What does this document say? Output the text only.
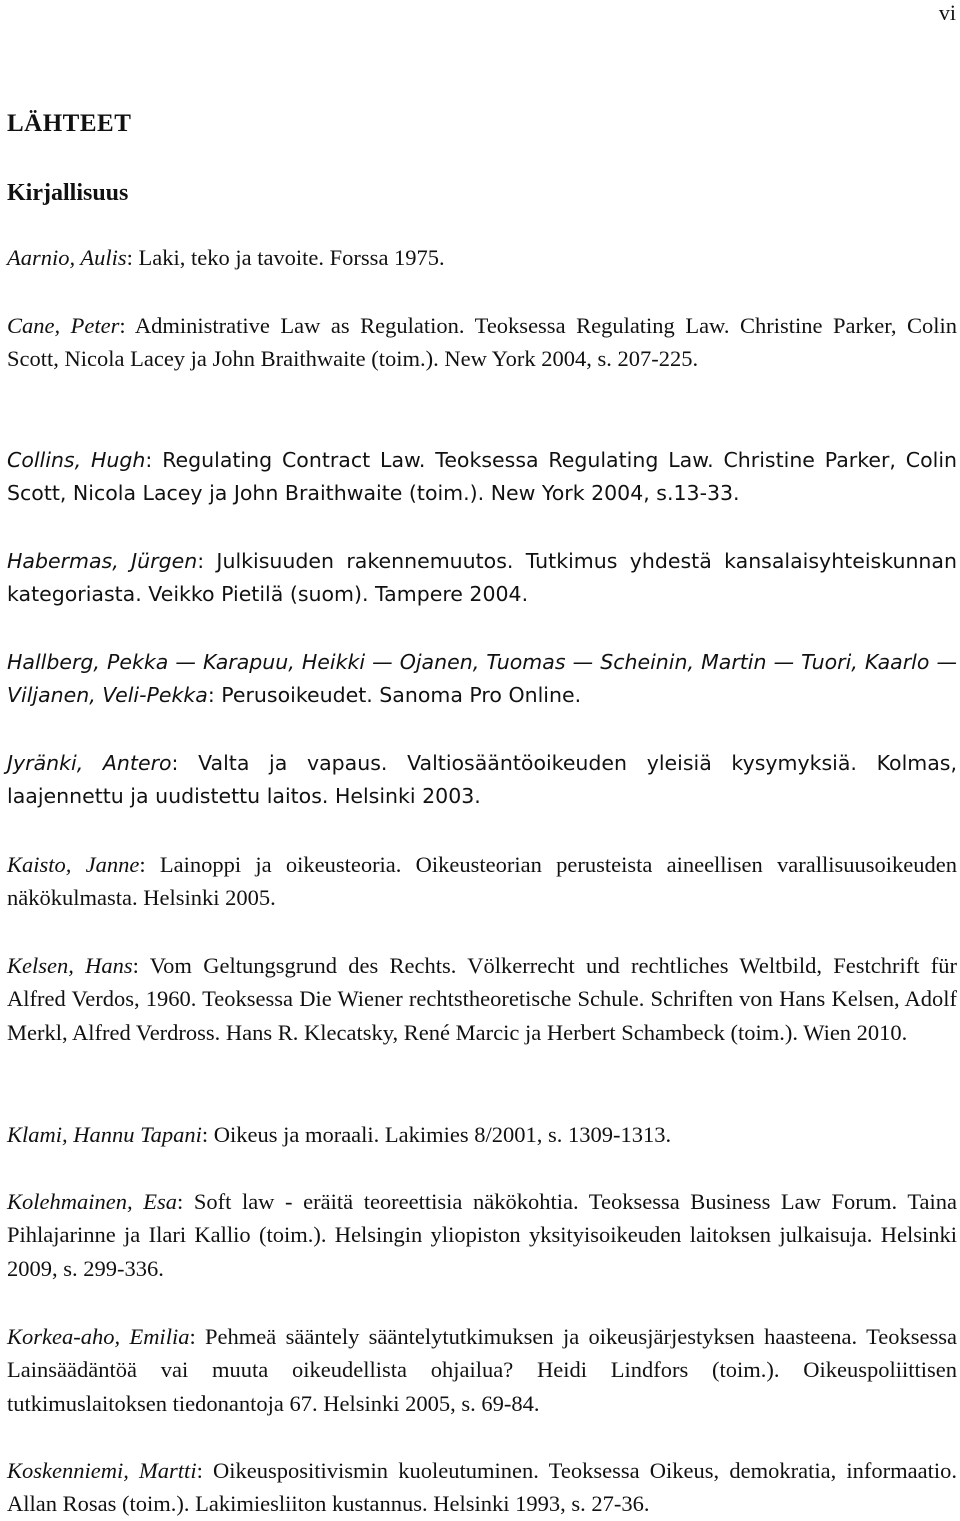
vi
LÄHTEET
Kirjallisuus

Aarnio, Aulis: Laki, teko ja tavoite. Forssa 1975.

Cane, Peter: Administrative Law as Regulation. Teoksessa Regulating Law. Christine Parker, Colin Scott, Nicola Lacey ja John Braithwaite (toim.). New York 2004, s. 207-225.

Collins, Hugh: Regulating Contract Law. Teoksessa Regulating Law. Christine Parker, Colin Scott, Nicola Lacey ja John Braithwaite (toim.). New York 2004, s.13-33.

Habermas, Jürgen: Julkisuuden rakennemuutos. Tutkimus yhdestä kansalaisyhteiskunnan kategoriasta. Veikko Pietilä (suom). Tampere 2004.

Hallberg, Pekka — Karapuu, Heikki — Ojanen, Tuomas — Scheinin, Martin — Tuori, Kaarlo — Viljanen, Veli-Pekka: Perusoikeudet. Sanoma Pro Online.

Jyränki, Antero: Valta ja vapaus. Valtiosääntöoikeuden yleisiä kysymyksiä. Kolmas, laajennettu ja uudistettu laitos. Helsinki 2003.

Kaisto, Janne: Lainoppi ja oikeusteoria. Oikeusteorian perusteista aineellisen varallisuusoikeuden näkökulmasta. Helsinki 2005.

Kelsen, Hans: Vom Geltungsgrund des Rechts. Völkerrecht und rechtliches Weltbild, Festchrift für Alfred Verdos, 1960. Teoksessa Die Wiener rechtstheoretische Schule. Schriften von Hans Kelsen, Adolf Merkl, Alfred Verdross. Hans R. Klecatsky, René Marcic ja Herbert Schambeck (toim.). Wien 2010.

Klami, Hannu Tapani: Oikeus ja moraali. Lakimies 8/2001, s. 1309-1313.

Kolehmainen, Esa: Soft law - eräitä teoreettisia näkökohtia. Teoksessa Business Law Forum. Taina Pihlajarinne ja Ilari Kallio (toim.). Helsingin yliopiston yksityisoikeuden laitoksen julkaisuja. Helsinki 2009, s. 299-336.

Korkea-aho, Emilia: Pehmeä sääntely sääntelytutkimuksen ja oikeusjärjestyksen haasteena. Teoksessa Lainsäädäntöä vai muuta oikeudellista ohjailua? Heidi Lindfors (toim.). Oikeuspoliittisen tutkimuslaitoksen tiedonantoja 67. Helsinki 2005, s. 69-84.

Koskenniemi, Martti: Oikeuspositivismin kuoleutuminen. Teoksessa Oikeus, demokratia, informaatio. Allan Rosas (toim.). Lakimiesliiton kustannus. Helsinki 1993, s. 27-36.
